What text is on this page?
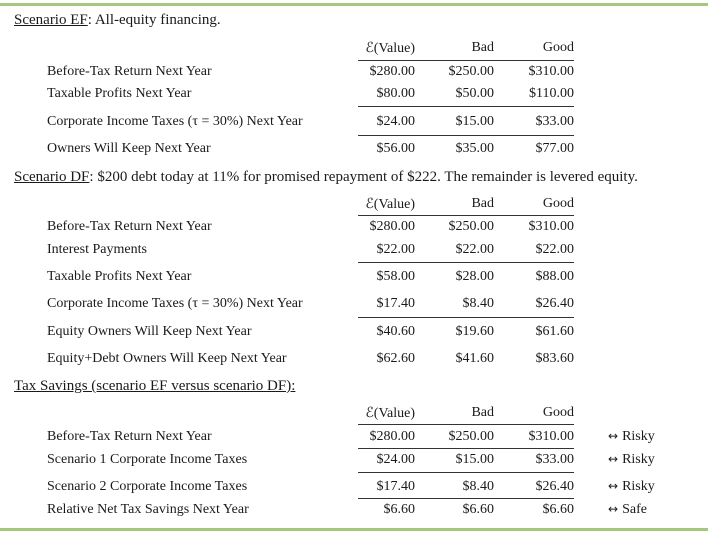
Scenario EF: All-equity financing.
ℰ(Value)	Bad	Good
Before-Tax Return Next Year	$280.00	$250.00	$310.00
Taxable Profits Next Year	$80.00	$50.00	$110.00
Corporate Income Taxes (τ = 30%) Next Year	$24.00	$15.00	$33.00
Owners Will Keep Next Year	$56.00	$35.00	$77.00
Scenario DF: $200 debt today at 11% for promised repayment of $222. The remainder is levered equity.
ℰ(Value)	Bad	Good
Before-Tax Return Next Year	$280.00	$250.00	$310.00
Interest Payments	$22.00	$22.00	$22.00
Taxable Profits Next Year	$58.00	$28.00	$88.00
Corporate Income Taxes (τ = 30%) Next Year	$17.40	$8.40	$26.40
Equity Owners Will Keep Next Year	$40.60	$19.60	$61.60
Equity+Debt Owners Will Keep Next Year	$62.60	$41.60	$83.60
Tax Savings (scenario EF versus scenario DF):
ℰ(Value)	Bad	Good
Before-Tax Return Next Year	$280.00	$250.00	$310.00	↔ Risky
Scenario 1 Corporate Income Taxes	$24.00	$15.00	$33.00	↔ Risky
Scenario 2 Corporate Income Taxes	$17.40	$8.40	$26.40	↔ Risky
Relative Net Tax Savings Next Year	$6.60	$6.60	$6.60	↔ Safe
